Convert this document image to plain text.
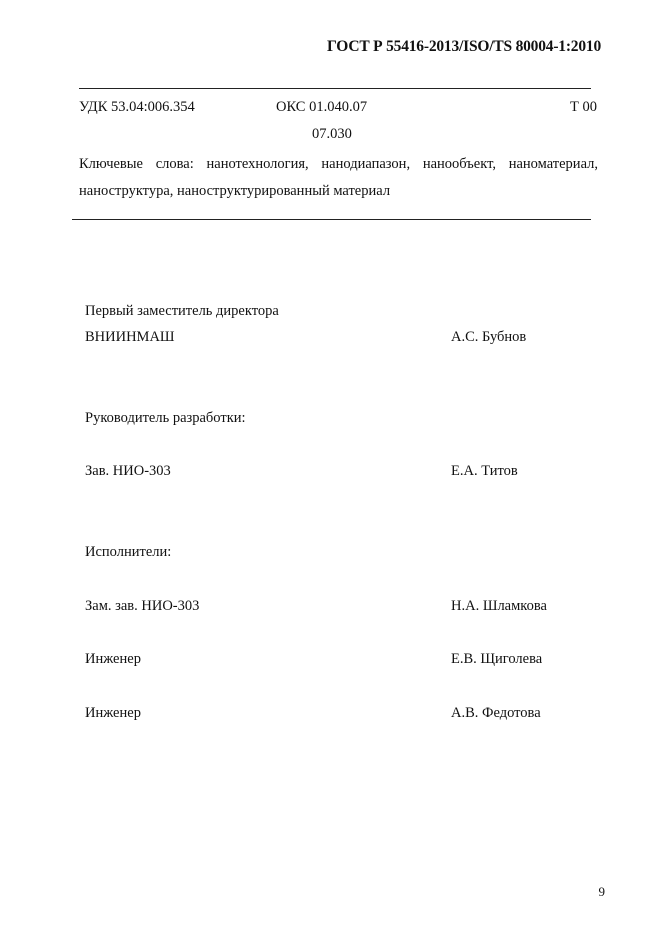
ГОСТ Р 55416-2013/ISO/TS 80004-1:2010
УДК 53.04:006.354	ОКС 01.040.07
07.030
Т 00
Ключевые слова: нанотехнология, нанодиапазон, нанообъект, наноматериал, наноструктура, наноструктурированный материал
Первый заместитель директора
ВНИИНМАШ	А.С. Бубнов
Руководитель разработки:
Зав. НИО-303	Е.А. Титов
Исполнители:
Зам. зав. НИО-303	Н.А. Шламкова
Инженер	Е.В. Щиголева
Инженер	А.В. Федотова
9
